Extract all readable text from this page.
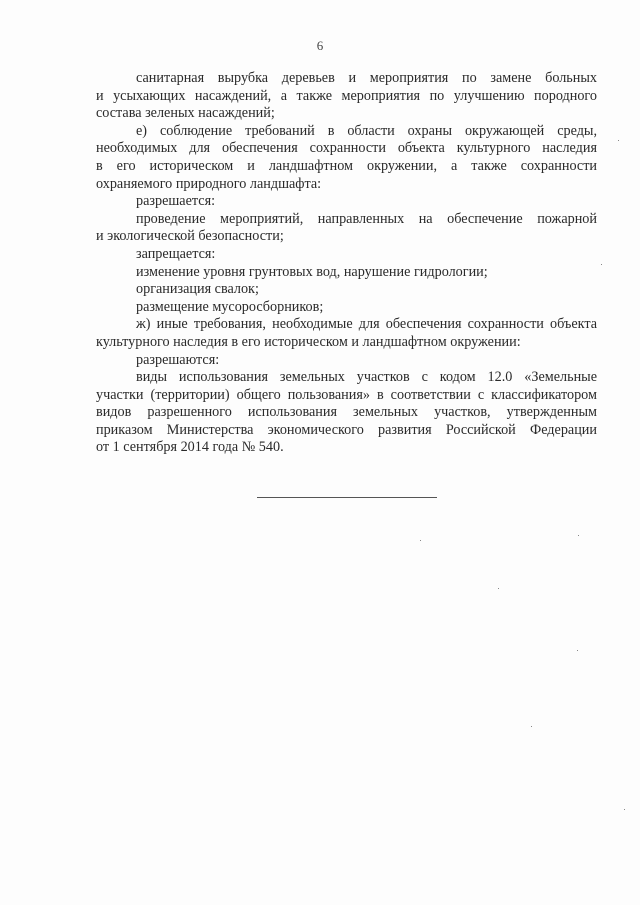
6
санитарная вырубка деревьев и мероприятия по замене больных
и усыхающих насаждений, а также мероприятия по улучшению породного
состава зеленых насаждений;
е) соблюдение требований в области охраны окружающей среды,
необходимых для обеспечения сохранности объекта культурного наследия
в его историческом и ландшафтном окружении, а также сохранности
охраняемого природного ландшафта:
разрешается:
проведение мероприятий, направленных на обеспечение пожарной
и экологической безопасности;
запрещается:
изменение уровня грунтовых вод, нарушение гидрологии;
организация свалок;
размещение мусоросборников;
ж) иные требования, необходимые для обеспечения сохранности объекта
культурного наследия в его историческом и ландшафтном окружении:
разрешаются:
виды использования земельных участков с кодом 12.0 «Земельные
участки (территории) общего пользования» в соответствии с классификатором
видов разрешенного использования земельных участков, утвержденным
приказом Министерства экономического развития Российской Федерации
от 1 сентября 2014 года № 540.
